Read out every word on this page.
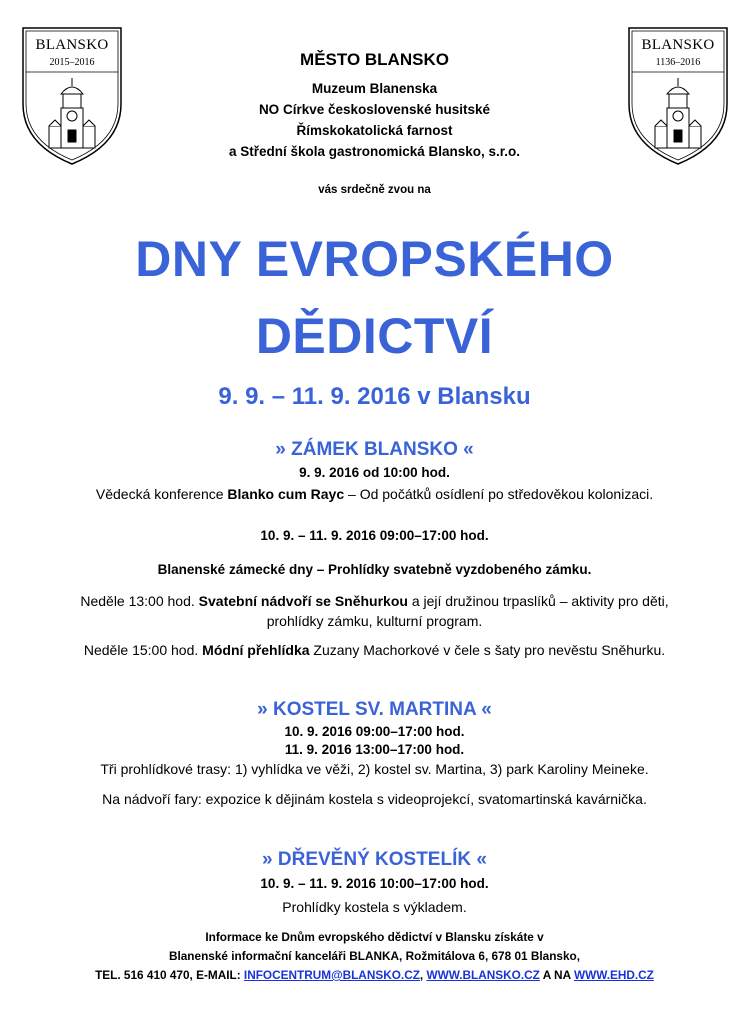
BLANSKO
2015–2016
BLANSKO
1136–2016
MĚSTO BLANSKO
Muzeum Blanenska
NO Církve československé husitské
Římskokatolická farnost
a Střední škola gastronomická Blansko, s.r.o.
vás srdečně zvou na
DNY EVROPSKÉHO
DĚDICTVÍ
9. 9. – 11. 9. 2016 v Blansku
» ZÁMEK BLANSKO «
9. 9. 2016 od 10:00 hod.
Vědecká konference Blanko cum Rayc – Od počátků osídlení po středověkou kolonizaci.
10. 9. – 11. 9. 2016 09:00–17:00 hod.
Blanenské zámecké dny – Prohlídky svatebně vyzdobeného zámku.
Neděle 13:00 hod. Svatební nádvoří se Sněhurkou a její družinou trpaslíků – aktivity pro děti,
prohlídky zámku, kulturní program.
Neděle 15:00 hod. Módní přehlídka Zuzany Machorkové v čele s šaty pro nevěstu Sněhurku.
» KOSTEL SV. MARTINA «
10. 9. 2016 09:00–17:00 hod.
11. 9. 2016 13:00–17:00 hod.
Tři prohlídkové trasy: 1) vyhlídka ve věži, 2) kostel sv. Martina, 3) park Karoliny Meineke.
Na nádvoří fary: expozice k dějinám kostela s videoprojekcí, svatomartinská kavárnička.
» DŘEVĚNÝ KOSTELÍK «
10. 9. – 11. 9. 2016 10:00–17:00 hod.
Prohlídky kostela s výkladem.
Informace ke Dnům evropského dědictví v Blansku získáte v
Blanenské informační kanceláři BLANKA, Rožmitálova 6, 678 01 Blansko,
TEL. 516 410 470, E-MAIL: INFOCENTRUM@BLANSKO.CZ, WWW.BLANSKO.CZ A NA WWW.EHD.CZ
